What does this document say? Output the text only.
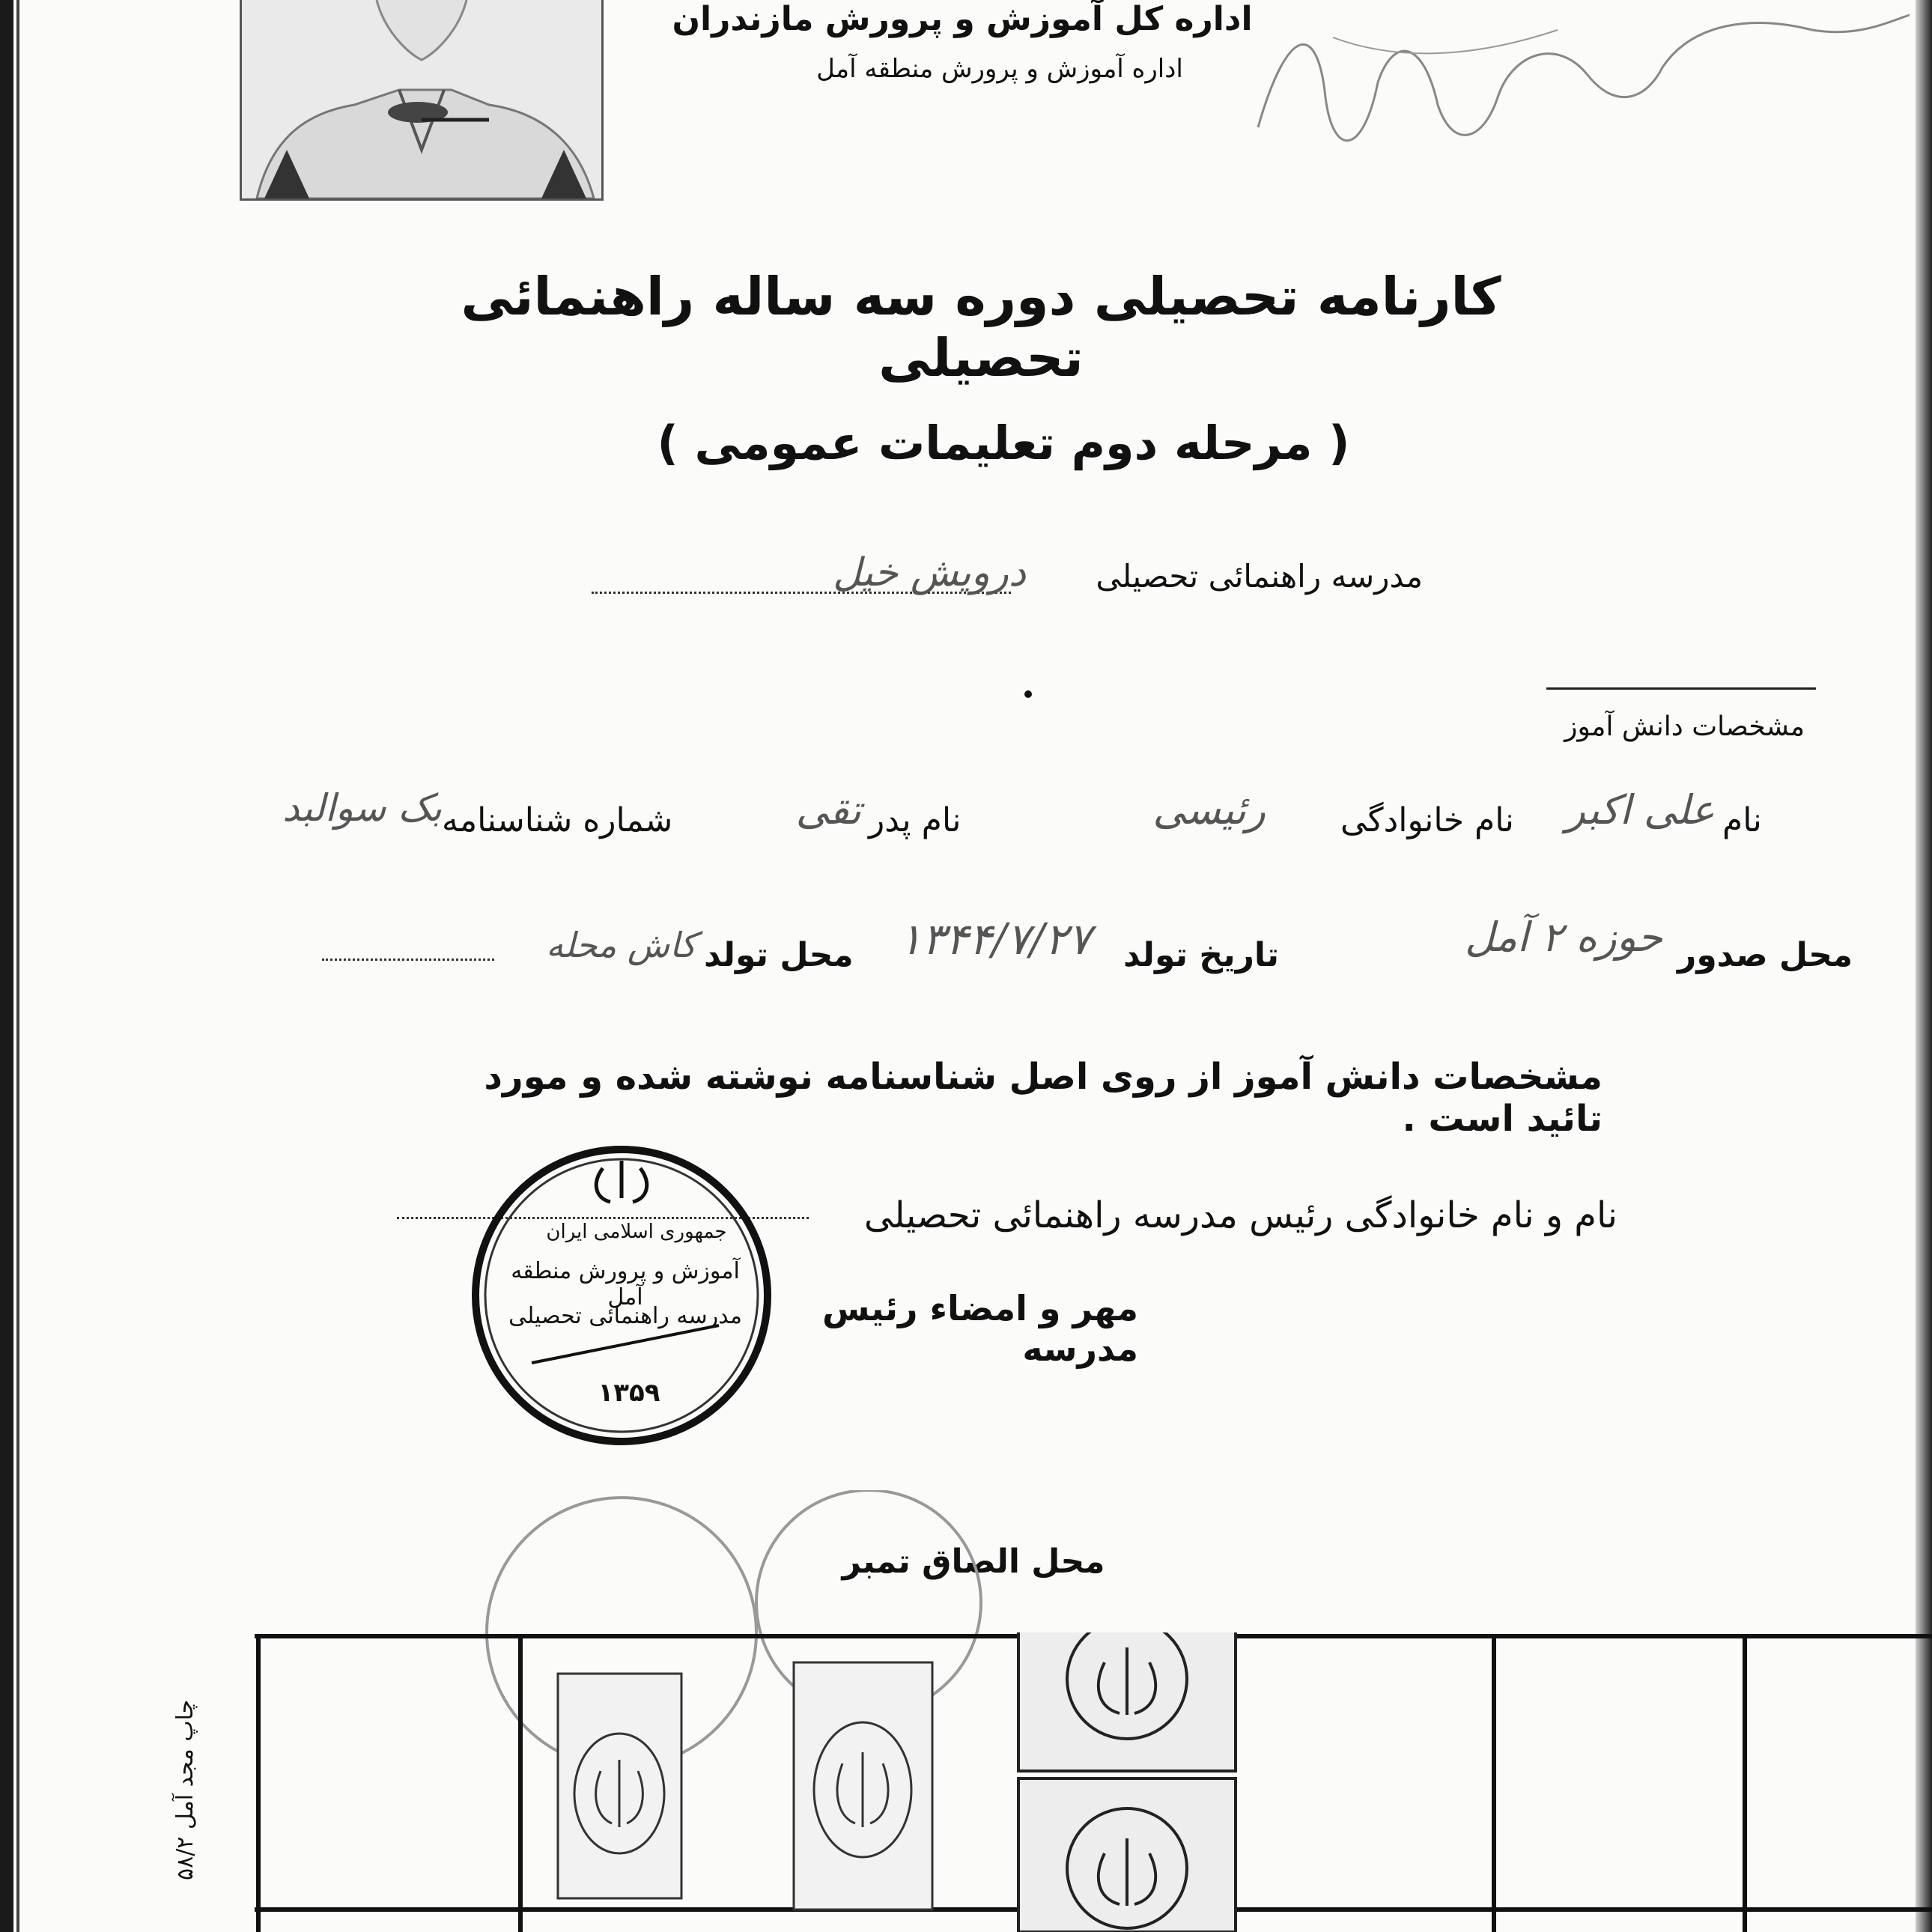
اداره کل آموزش و پرورش مازندران
اداره آموزش و پرورش منطقه آمل
کارنامه تحصیلی دوره سه ساله راهنمائی تحصیلی
( مرحله دوم تعلیمات عمومی )
مدرسه راهنمائی تحصیلی
درویش خیل
مشخصات دانش آموز
نام
علی اکبر
نام خانوادگی
رئیسی
نام پدر
تقی
شماره شناسنامه
بک سوالبد
محل صدور
حوزه ۲ آمل
تاریخ تولد
۱۳۴۴/۷/۲۷
محل تولد
کاش محله
مشخصات دانش آموز از روی اصل شناسنامه نوشته شده و مورد تائید است .
نام و نام خانوادگی رئیس مدرسه راهنمائی تحصیلی
مهر و امضاء رئیس مدرسه
جمهوری اسلامی ایران
آموزش و پرورش منطقه آمل
مدرسه راهنمائی تحصیلی
۱۳۵۹
محل الصاق تمبر
چاپ مجد آمل ۵۸/۲
